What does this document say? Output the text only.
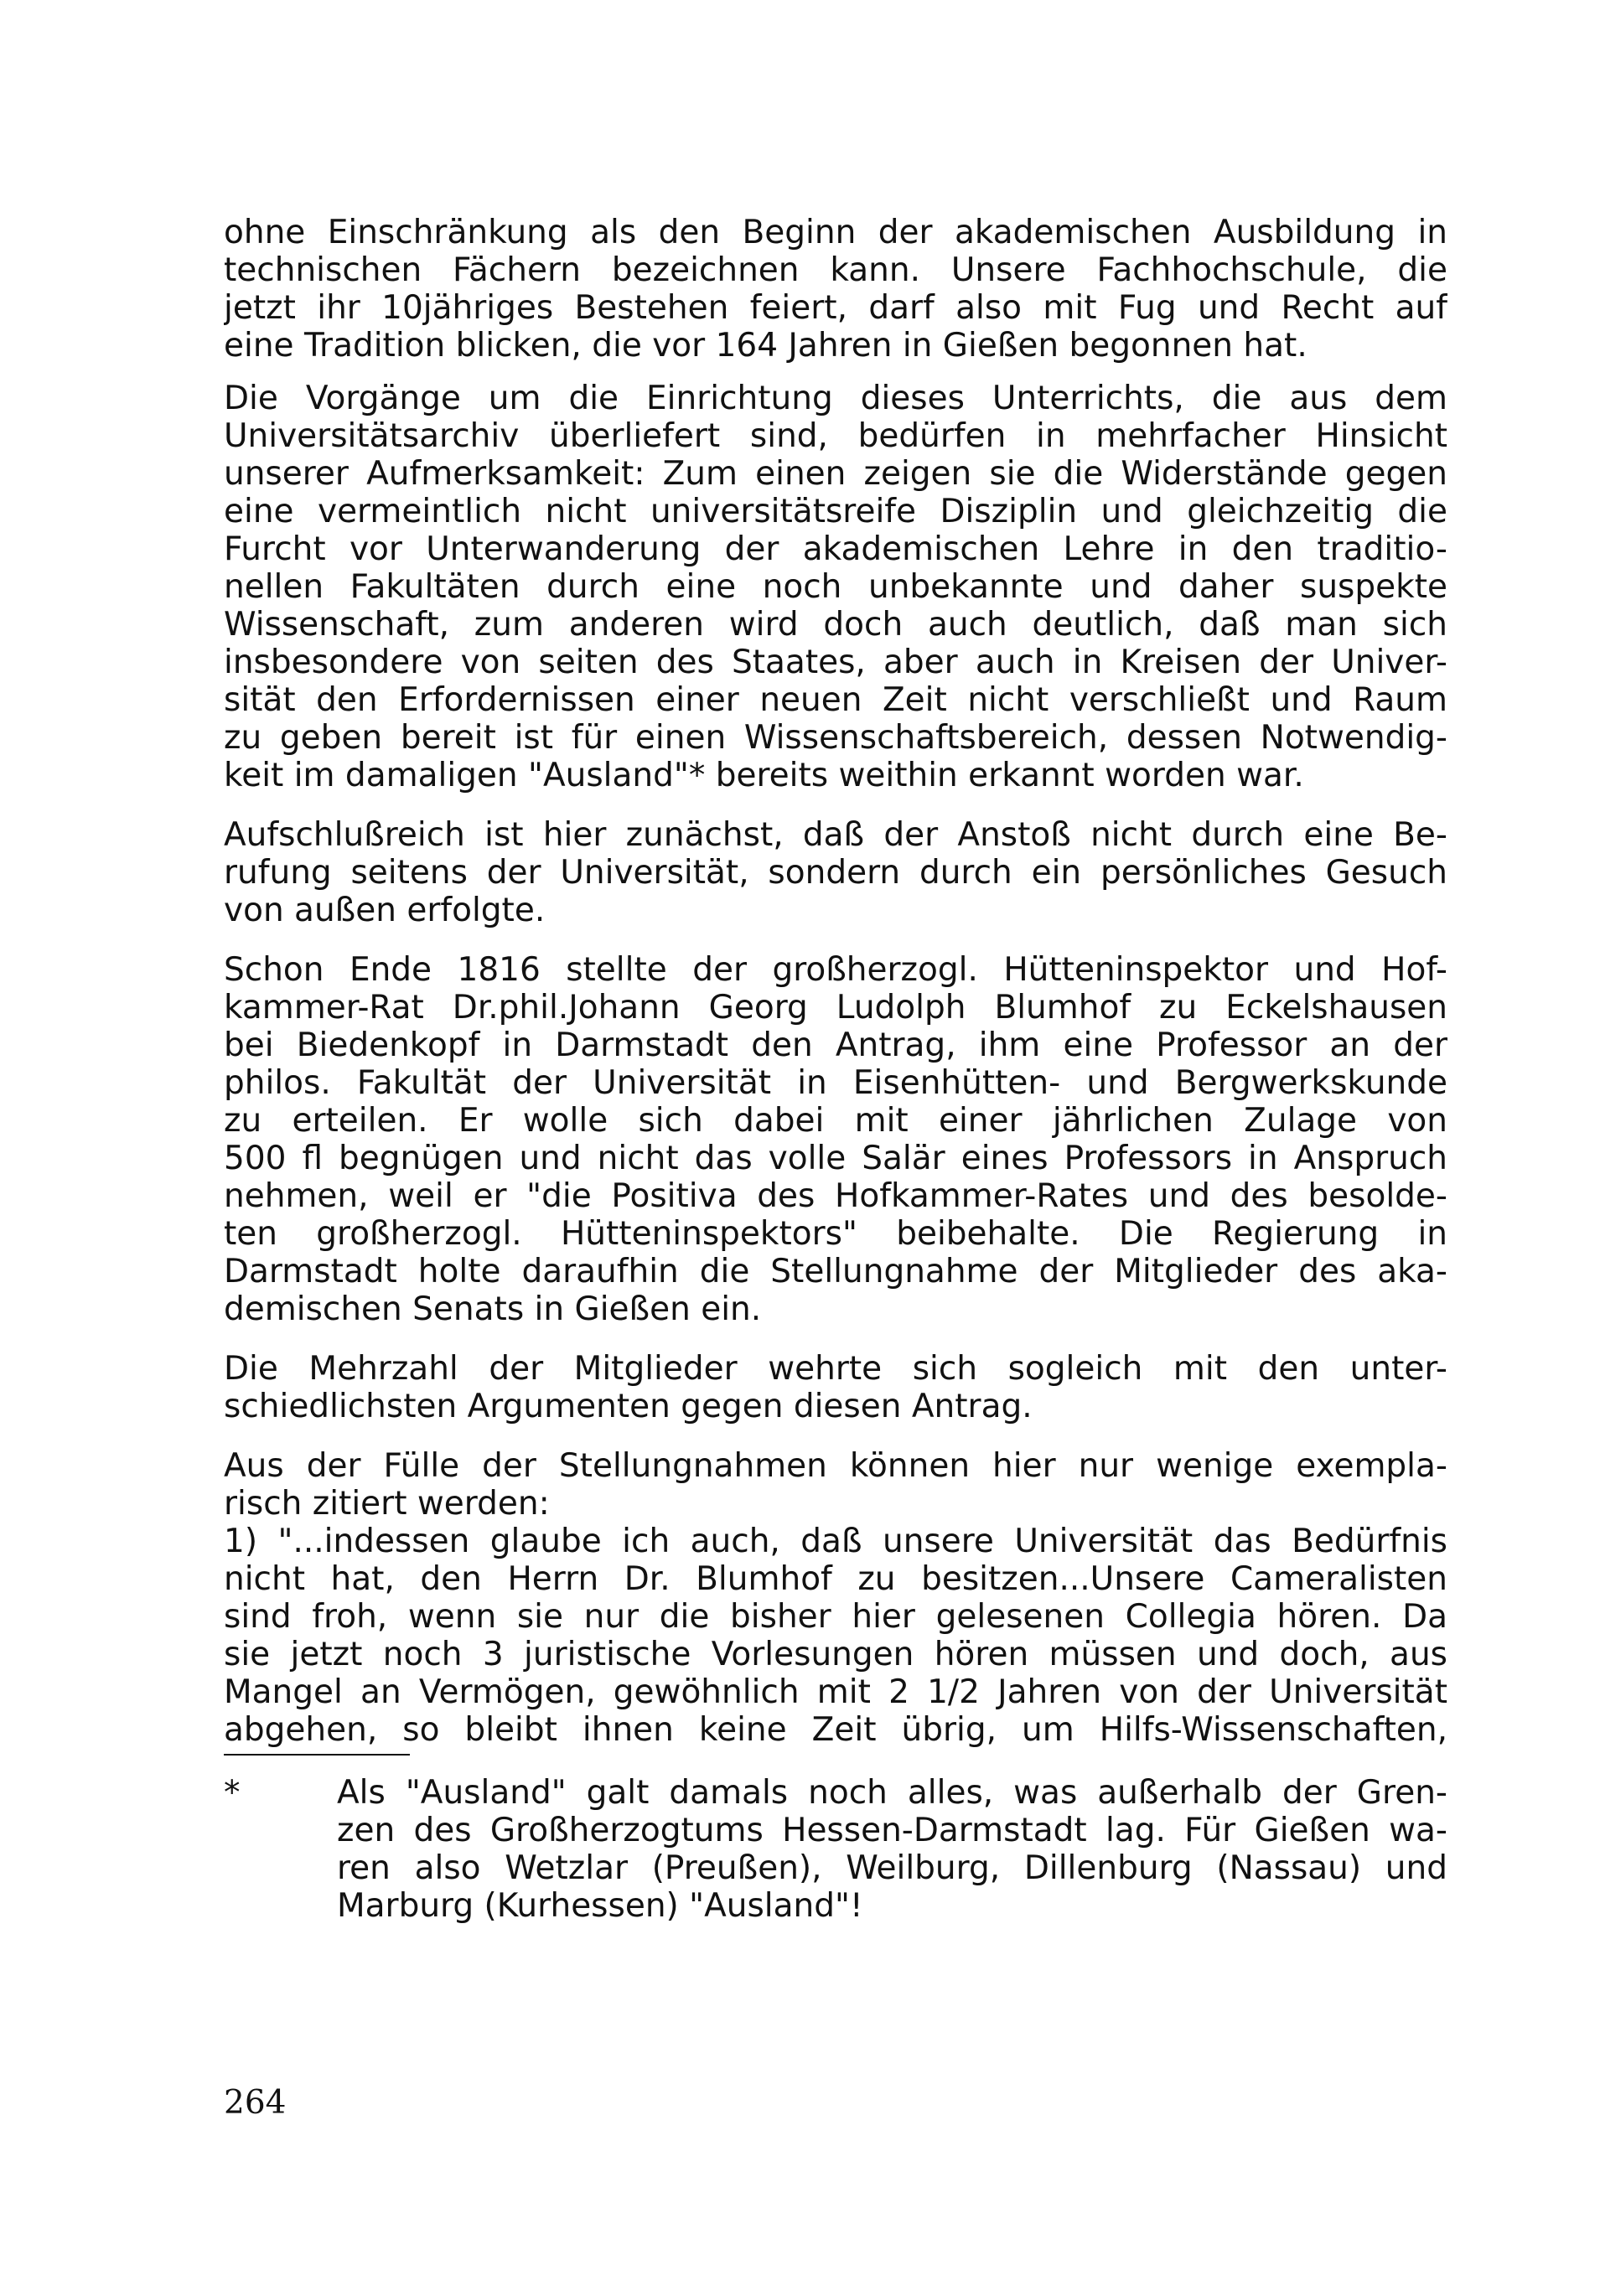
ohne Einschränkung als den Beginn der akademischen Ausbildung in
technischen Fächern bezeichnen kann. Unsere Fachhochschule, die
jetzt ihr 10jähriges Bestehen feiert, darf also mit Fug und Recht auf
eine Tradition blicken, die vor 164 Jahren in Gießen begonnen hat.
Die Vorgänge um die Einrichtung dieses Unterrichts, die aus dem
Universitätsarchiv überliefert sind, bedürfen in mehrfacher Hinsicht
unserer Aufmerksamkeit: Zum einen zeigen sie die Widerstände gegen
eine vermeintlich nicht universitätsreife Disziplin und gleichzeitig die
Furcht vor Unterwanderung der akademischen Lehre in den traditio-
nellen Fakultäten durch eine noch unbekannte und daher suspekte
Wissenschaft, zum anderen wird doch auch deutlich, daß man sich
insbesondere von seiten des Staates, aber auch in Kreisen der Univer-
sität den Erfordernissen einer neuen Zeit nicht verschließt und Raum
zu geben bereit ist für einen Wissenschaftsbereich, dessen Notwendig-
keit im damaligen "Ausland"* bereits weithin erkannt worden war.
Aufschlußreich ist hier zunächst, daß der Anstoß nicht durch eine Be-
rufung seitens der Universität, sondern durch ein persönliches Gesuch
von außen erfolgte.
Schon Ende 1816 stellte der großherzogl. Hütteninspektor und Hof-
kammer-Rat Dr.phil.Johann Georg Ludolph Blumhof zu Eckelshausen
bei Biedenkopf in Darmstadt den Antrag, ihm eine Professor an der
philos. Fakultät der Universität in Eisenhütten- und Bergwerkskunde
zu erteilen. Er wolle sich dabei mit einer jährlichen Zulage von
500 fl begnügen und nicht das volle Salär eines Professors in Anspruch
nehmen, weil er "die Positiva des Hofkammer-Rates und des besolde-
ten großherzogl. Hütteninspektors" beibehalte. Die Regierung in
Darmstadt holte daraufhin die Stellungnahme der Mitglieder des aka-
demischen Senats in Gießen ein.
Die Mehrzahl der Mitglieder wehrte sich sogleich mit den unter-
schiedlichsten Argumenten gegen diesen Antrag.
Aus der Fülle der Stellungnahmen können hier nur wenige exempla-
risch zitiert werden:
1) "...indessen glaube ich auch, daß unsere Universität das Bedürfnis
nicht hat, den Herrn Dr. Blumhof zu besitzen...Unsere Cameralisten
sind froh, wenn sie nur die bisher hier gelesenen Collegia hören. Da
sie jetzt noch 3 juristische Vorlesungen hören müssen und doch, aus
Mangel an Vermögen, gewöhnlich mit 2 1/2 Jahren von der Universität
abgehen, so bleibt ihnen keine Zeit übrig, um Hilfs-Wissenschaften,
*	Als "Ausland" galt damals noch alles, was außerhalb der Gren-
zen des Großherzogtums Hessen-Darmstadt lag. Für Gießen wa-
ren also Wetzlar (Preußen), Weilburg, Dillenburg (Nassau) und
Marburg (Kurhessen) "Ausland"!
264
